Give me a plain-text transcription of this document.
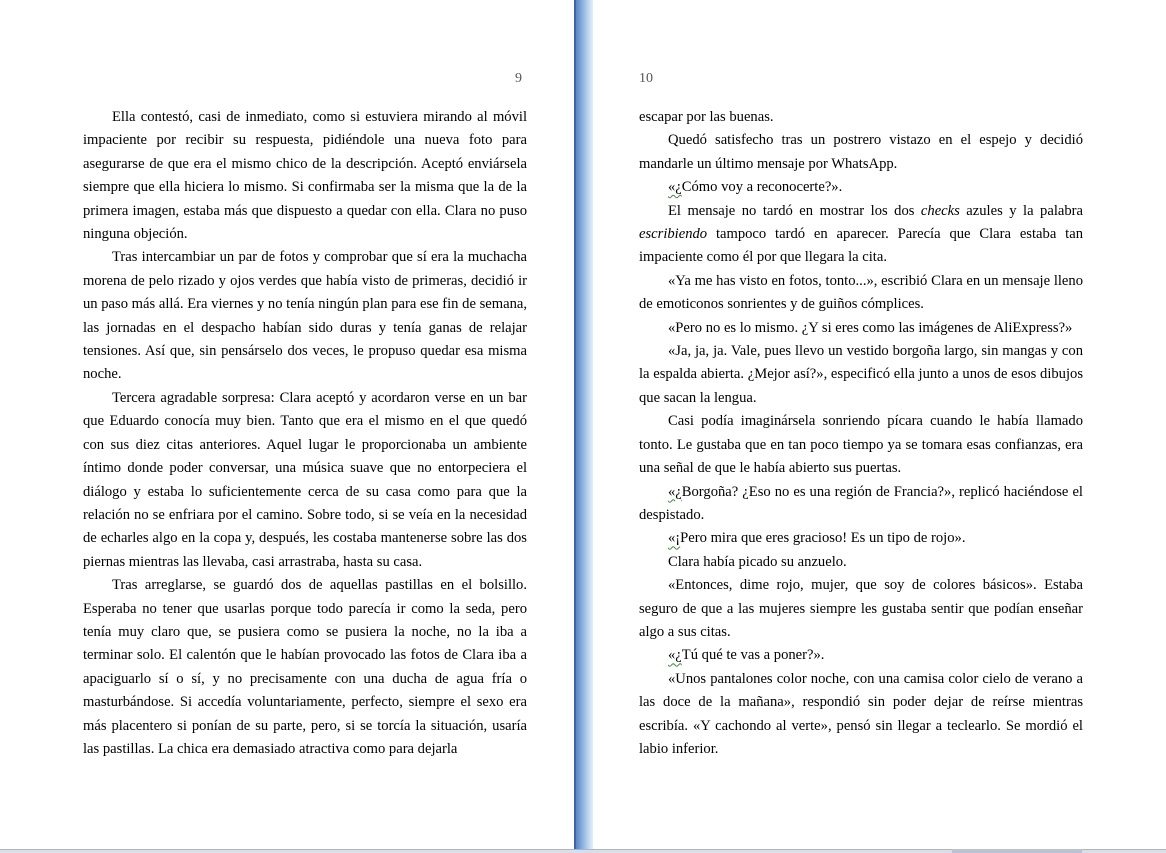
9

Ella contestó, casi de inmediato, como si estuviera mirando al móvil impaciente por recibir su respuesta, pidiéndole una nueva foto para asegurarse de que era el mismo chico de la descripción. Aceptó enviársela siempre que ella hiciera lo mismo. Si confirmaba ser la misma que la de la primera imagen, estaba más que dispuesto a quedar con ella. Clara no puso ninguna objeción.

Tras intercambiar un par de fotos y comprobar que sí era la muchacha morena de pelo rizado y ojos verdes que había visto de primeras, decidió ir un paso más allá. Era viernes y no tenía ningún plan para ese fin de semana, las jornadas en el despacho habían sido duras y tenía ganas de relajar tensiones. Así que, sin pensárselo dos veces, le propuso quedar esa misma noche.

Tercera agradable sorpresa: Clara aceptó y acordaron verse en un bar que Eduardo conocía muy bien. Tanto que era el mismo en el que quedó con sus diez citas anteriores. Aquel lugar le proporcionaba un ambiente íntimo donde poder conversar, una música suave que no entorpeciera el diálogo y estaba lo suficientemente cerca de su casa como para que la relación no se enfriara por el camino. Sobre todo, si se veía en la necesidad de echarles algo en la copa y, después, les costaba mantenerse sobre las dos piernas mientras las llevaba, casi arrastraba, hasta su casa.

Tras arreglarse, se guardó dos de aquellas pastillas en el bolsillo. Esperaba no tener que usarlas porque todo parecía ir como la seda, pero tenía muy claro que, se pusiera como se pusiera la noche, no la iba a terminar solo. El calentón que le habían provocado las fotos de Clara iba a apaciguarlo sí o sí, y no precisamente con una ducha de agua fría o masturbándose. Si accedía voluntariamente, perfecto, siempre el sexo era más placentero si ponían de su parte, pero, si se torcía la situación, usaría las pastillas. La chica era demasiado atractiva como para dejarla

10

escapar por las buenas.

Quedó satisfecho tras un postrero vistazo en el espejo y decidió mandarle un último mensaje por WhatsApp.

«¿Cómo voy a reconocerte?».

El mensaje no tardó en mostrar los dos checks azules y la palabra escribiendo tampoco tardó en aparecer. Parecía que Clara estaba tan impaciente como él por que llegara la cita.

«Ya me has visto en fotos, tonto...», escribió Clara en un mensaje lleno de emoticonos sonrientes y de guiños cómplices.

«Pero no es lo mismo. ¿Y si eres como las imágenes de AliExpress?»

«Ja, ja, ja. Vale, pues llevo un vestido borgoña largo, sin mangas y con la espalda abierta. ¿Mejor así?», especificó ella junto a unos de esos dibujos que sacan la lengua.

Casi podía imaginársela sonriendo pícara cuando le había llamado tonto. Le gustaba que en tan poco tiempo ya se tomara esas confianzas, era una señal de que le había abierto sus puertas.

«¿Borgoña? ¿Eso no es una región de Francia?», replicó haciéndose el despistado.

«¡Pero mira que eres gracioso! Es un tipo de rojo».

Clara había picado su anzuelo.

«Entonces, dime rojo, mujer, que soy de colores básicos». Estaba seguro de que a las mujeres siempre les gustaba sentir que podían enseñar algo a sus citas.

«¿Tú qué te vas a poner?».

«Unos pantalones color noche, con una camisa color cielo de verano a las doce de la mañana», respondió sin poder dejar de reírse mientras escribía. «Y cachondo al verte», pensó sin llegar a teclearlo. Se mordió el labio inferior.
